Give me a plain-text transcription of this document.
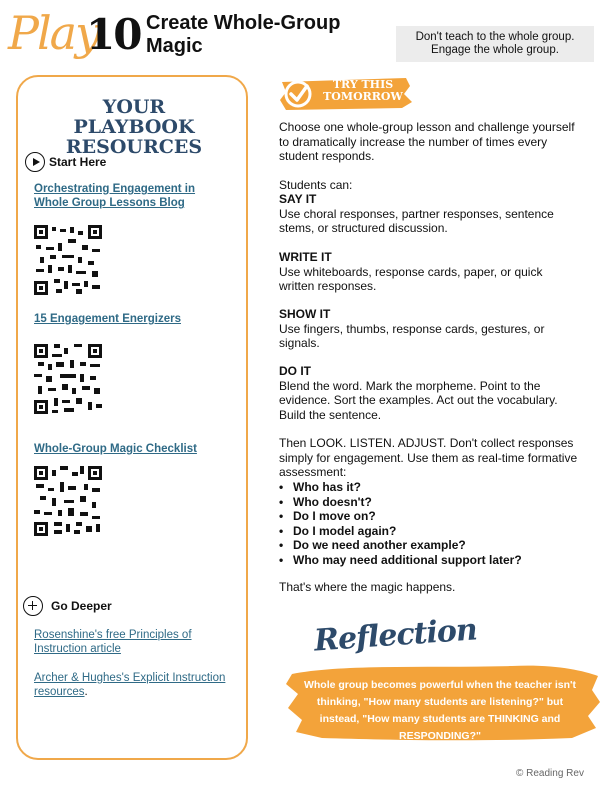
Play
10 Create Whole-Group Magic	Don't teach to the whole group.
Engage the whole group.
YOUR PLAYBOOK RESOURCES
Start Here
Orchestrating Engagement in Whole Group Lessons Blog
15 Engagement Energizers
Whole-Group Magic Checklist
Go Deeper
Rosenshine's free Principles of Instruction article
Archer & Hughes's Explicit Instruction resources.
TRY THIS
TOMORROW
Choose one whole-group lesson and challenge yourself to dramatically increase the number of times every student responds.
Students can:
SAY IT
Use choral responses, partner responses, sentence stems, or structured discussion.
WRITE IT
Use whiteboards, response cards, paper, or quick written responses.
SHOW IT
Use fingers, thumbs, response cards, gestures, or signals.
DO IT
Blend the word. Mark the morpheme. Point to the evidence. Sort the examples. Act out the vocabulary. Build the sentence.
Then LOOK. LISTEN. ADJUST. Don't collect responses simply for engagement. Use them as real-time formative assessment:
• Who has it?
• Who doesn't?
• Do I move on?
• Do I model again?
• Do we need another example?
• Who may need additional support later?
That's where the magic happens.
Reflection
Whole group becomes powerful when the teacher isn't thinking, "How many students are listening?" but instead, "How many students are THINKING and RESPONDING?"
© Reading Rev
